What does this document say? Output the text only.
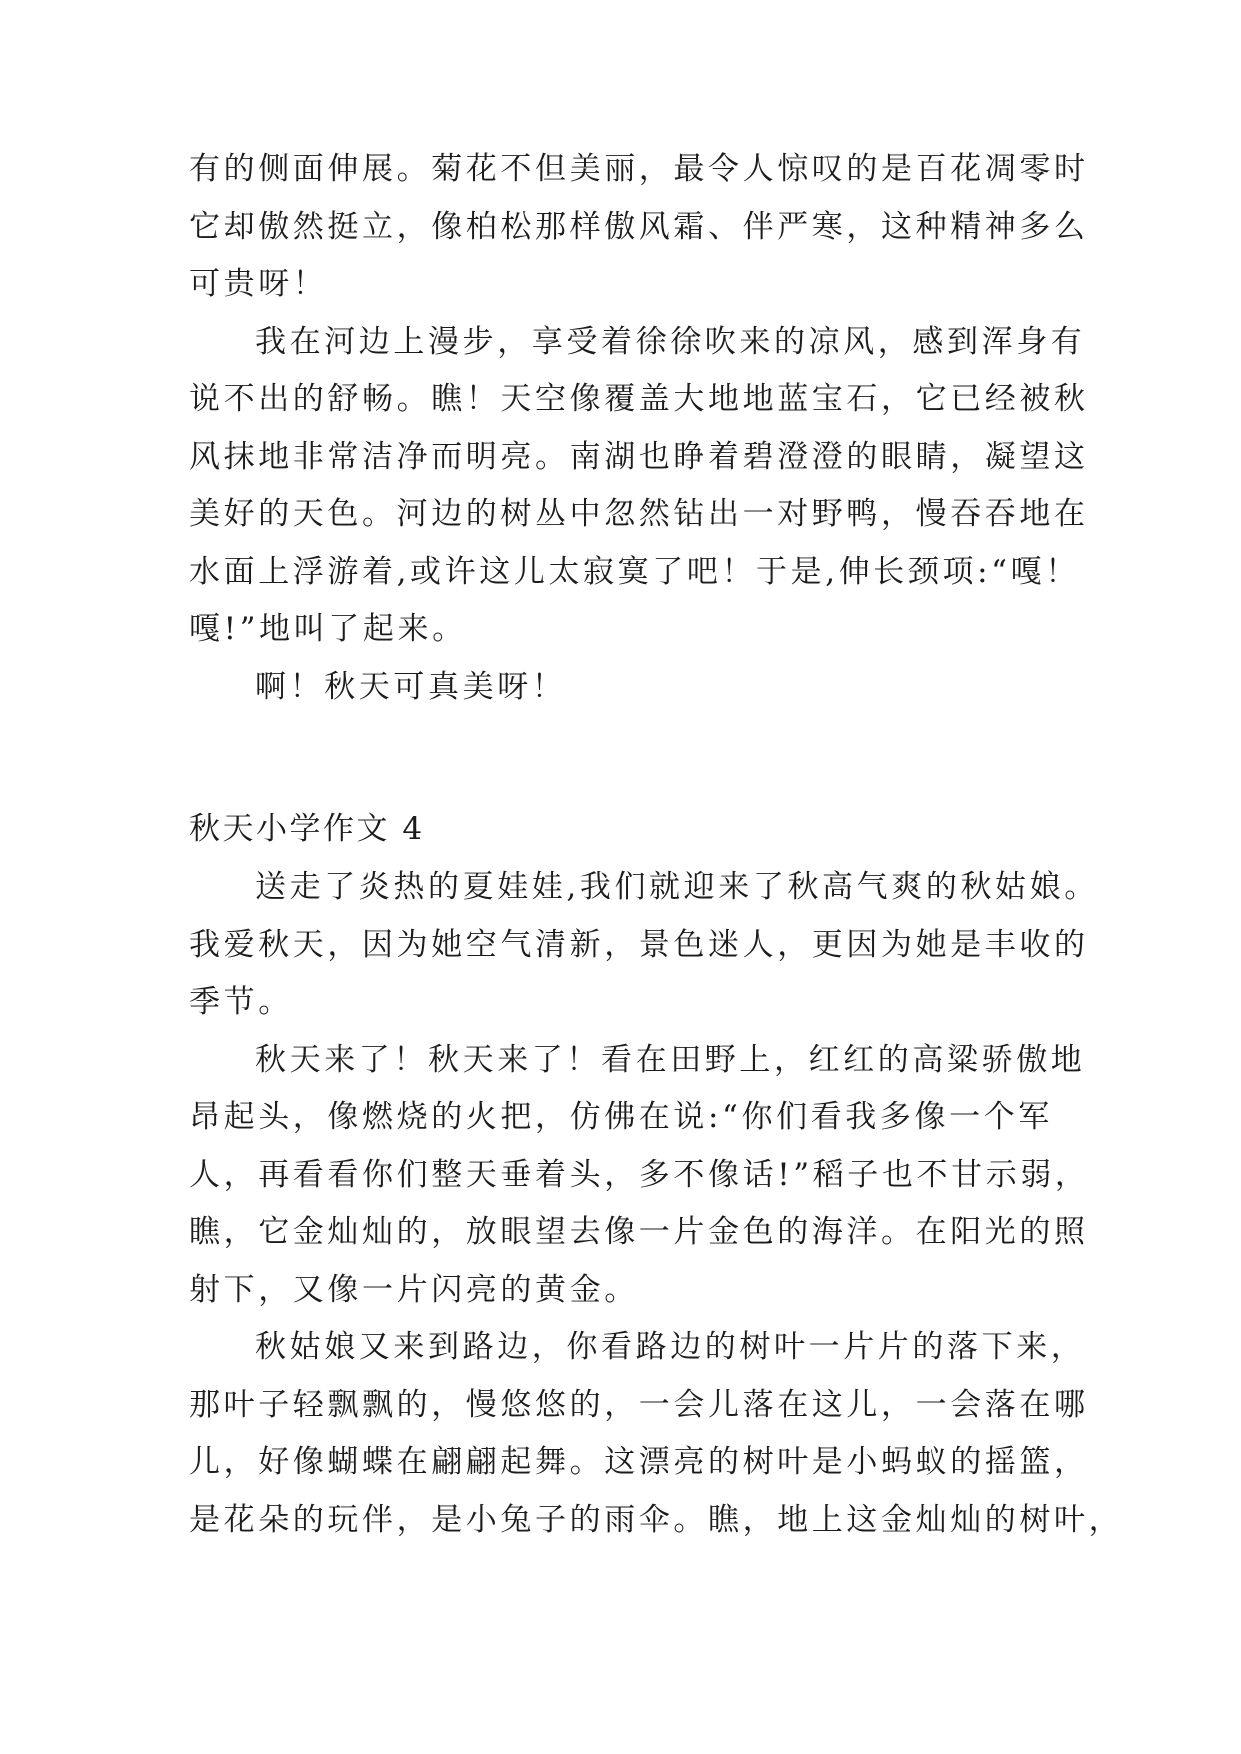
有的侧面伸展。菊花不但美丽，最令人惊叹的是百花凋零时
它却傲然挺立，像柏松那样傲风霜、伴严寒，这种精神多么
可贵呀！
我在河边上漫步，享受着徐徐吹来的凉风，感到浑身有
说不出的舒畅。瞧！天空像覆盖大地地蓝宝石，它已经被秋
风抹地非常洁净而明亮。南湖也睁着碧澄澄的眼睛，凝望这
美好的天色。河边的树丛中忽然钻出一对野鸭，慢吞吞地在
水面上浮游着,或许这儿太寂寞了吧！于是,伸长颈项:“嘎！
嘎!”地叫了起来。
啊！秋天可真美呀！
秋天小学作文 4
送走了炎热的夏娃娃,我们就迎来了秋高气爽的秋姑娘。
我爱秋天，因为她空气清新，景色迷人，更因为她是丰收的
季节。
秋天来了！秋天来了！看在田野上，红红的高粱骄傲地
昂起头，像燃烧的火把，仿佛在说:“你们看我多像一个军
人，再看看你们整天垂着头，多不像话!”稻子也不甘示弱，
瞧，它金灿灿的，放眼望去像一片金色的海洋。在阳光的照
射下，又像一片闪亮的黄金。
秋姑娘又来到路边，你看路边的树叶一片片的落下来，
那叶子轻飘飘的，慢悠悠的，一会儿落在这儿，一会落在哪
儿，好像蝴蝶在翩翩起舞。这漂亮的树叶是小蚂蚁的摇篮，
是花朵的玩伴，是小兔子的雨伞。瞧，地上这金灿灿的树叶，
